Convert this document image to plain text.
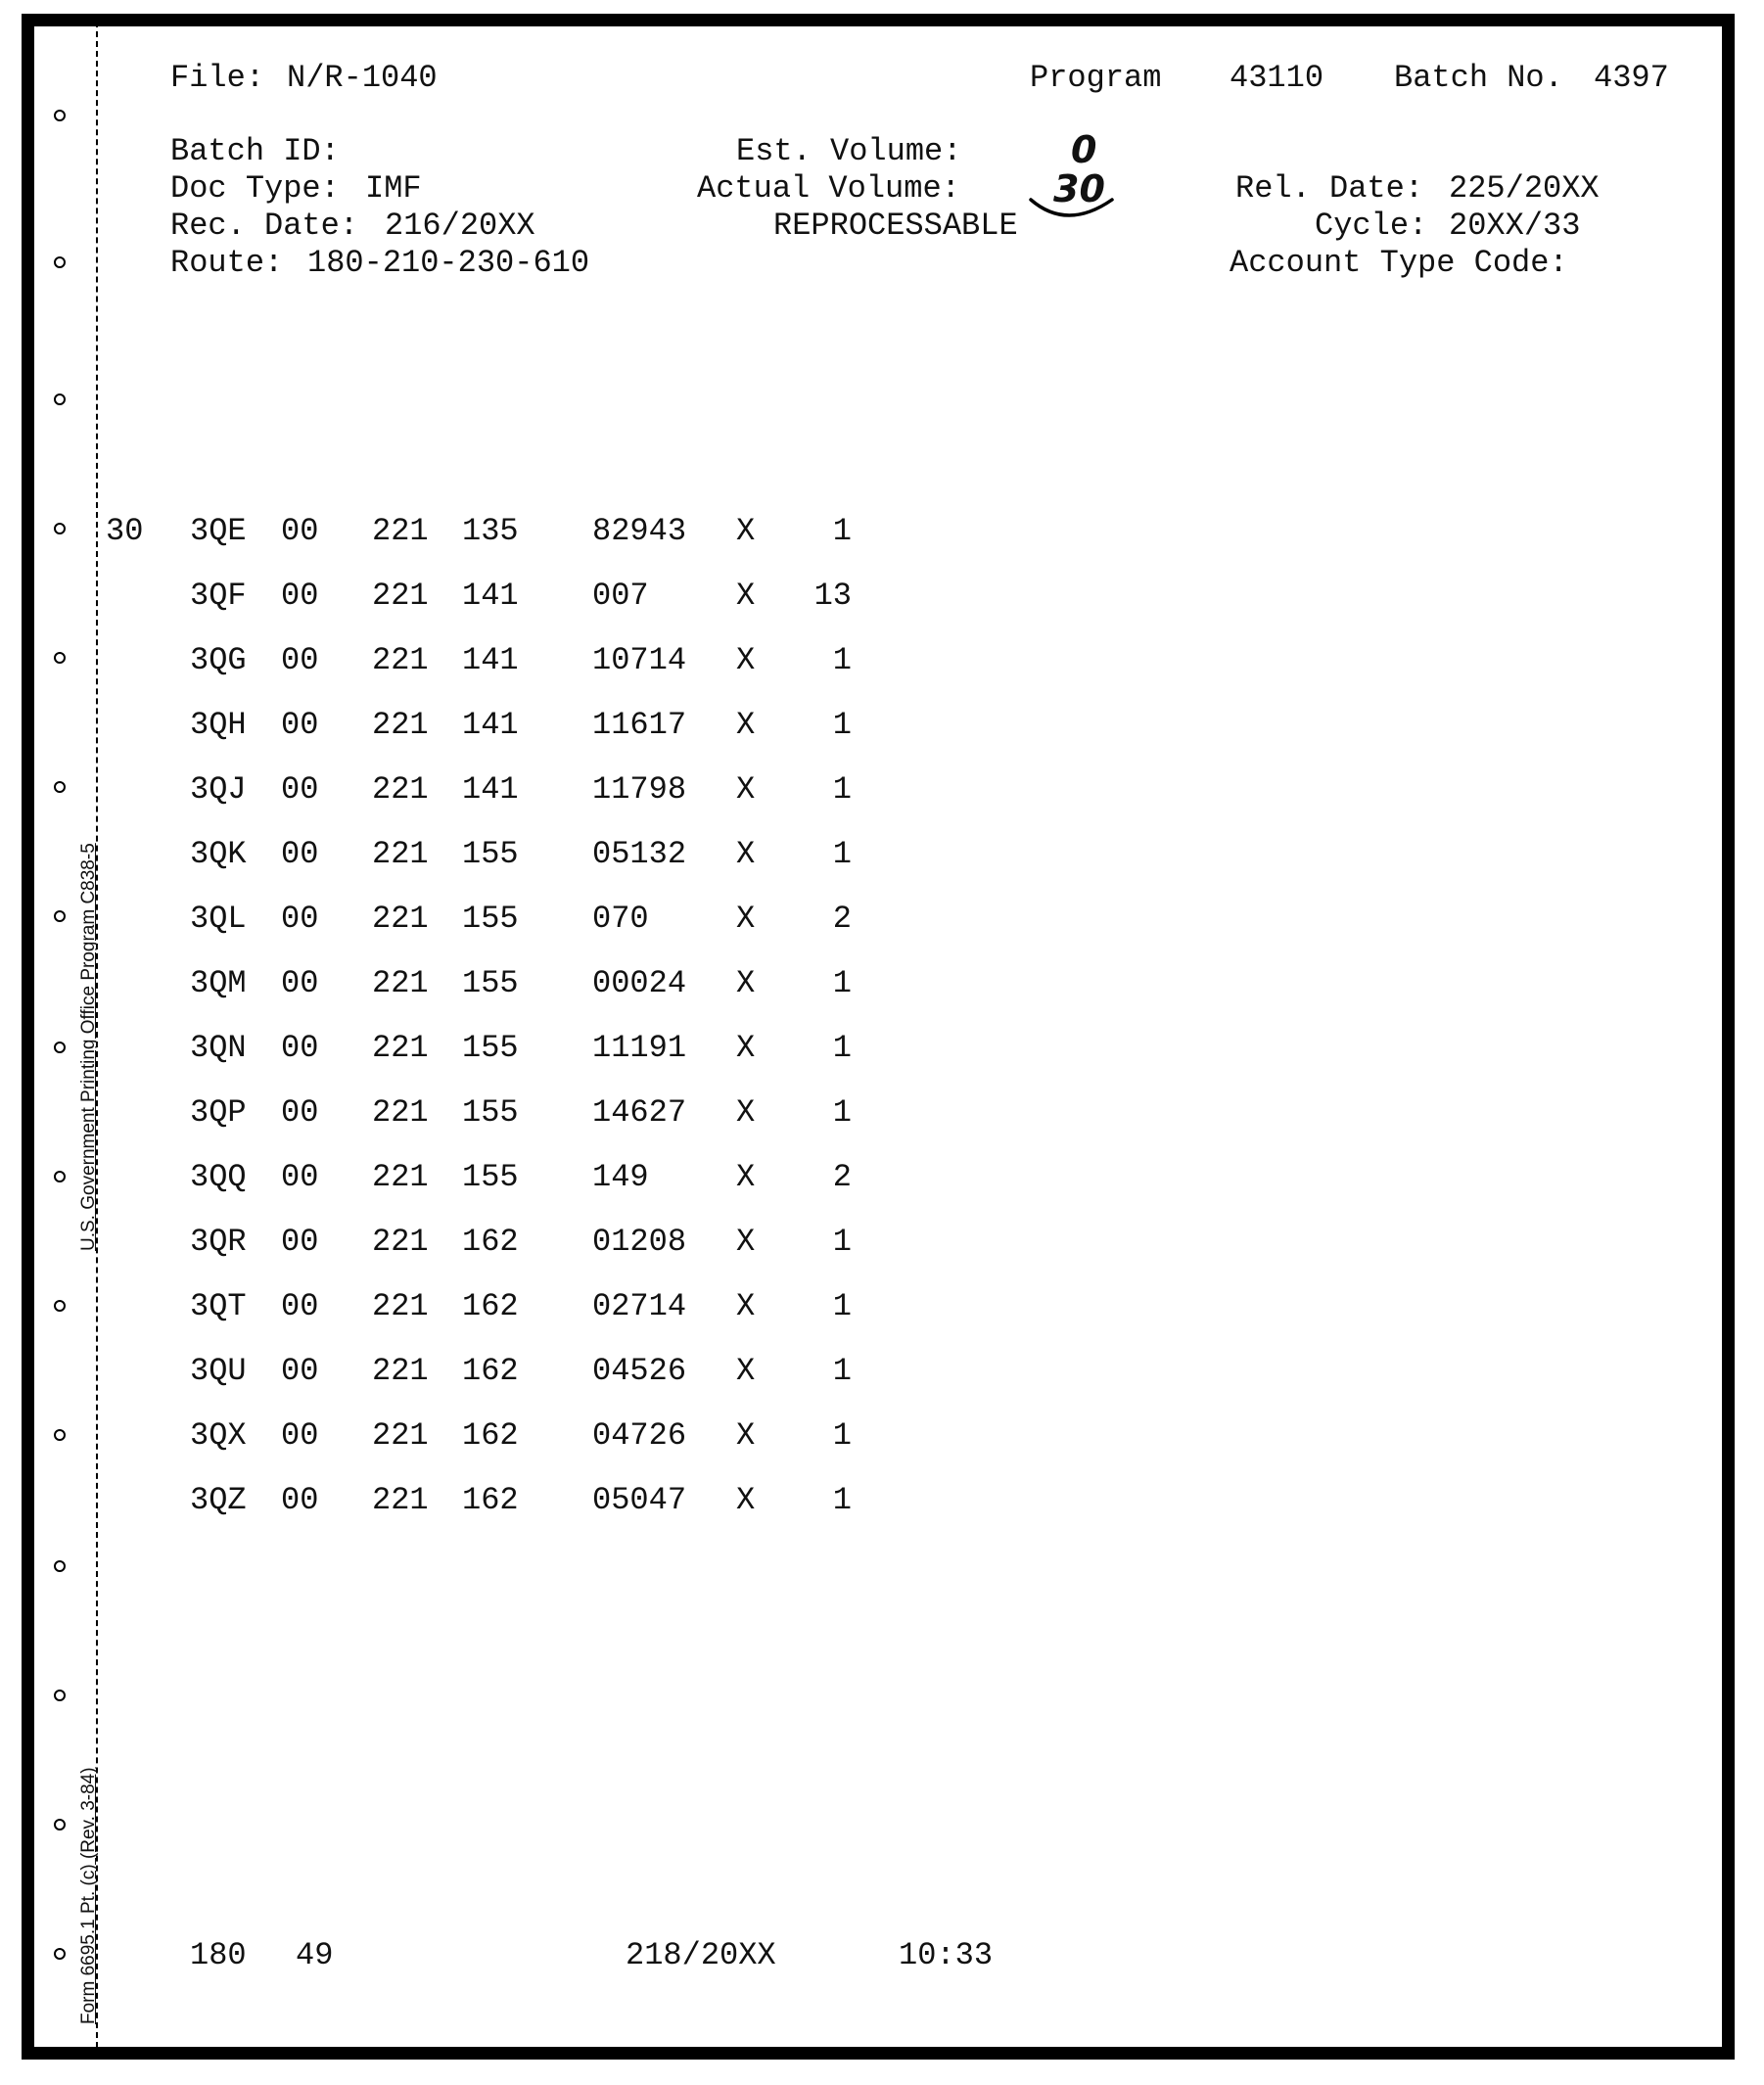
U.S. Government Printing Office Program C838-5
Form 6695.1 Pt. (c) (Rev. 3-84)
File: N/R-1040	Program 43110 Batch No. 4397
Batch ID:	Est. Volume:	0
Doc Type: IMF	Actual Volume:	30	Rel. Date: 225/20XX
Rec. Date: 216/20XX	REPROCESSABLE	Cycle: 20XX/33
Route: 180-210-230-610	Account Type Code:
30 3QE 00 221 135 82943 X	1
3QF 00 221 141 007	X	13
3QG 00 221 141 10714 X	1
3QH 00 221 141 11617 X	1
3QJ 00 221 141 11798 X	1
3QK 00 221 155 05132 X	1
3QL 00 221 155 070	X	2
3QM 00 221 155 00024 X	1
3QN 00 221 155 11191 X	1
3QP 00 221 155 14627 X	1
3QQ 00 221 155 149	X	2
3QR 00 221 162 01208 X	1
3QT 00 221 162 02714 X	1
3QU 00 221 162 04526 X	1
3QX 00 221 162 04726 X	1
3QZ 00 221 162 05047 X	1
180 49	218/20XX	10:33
